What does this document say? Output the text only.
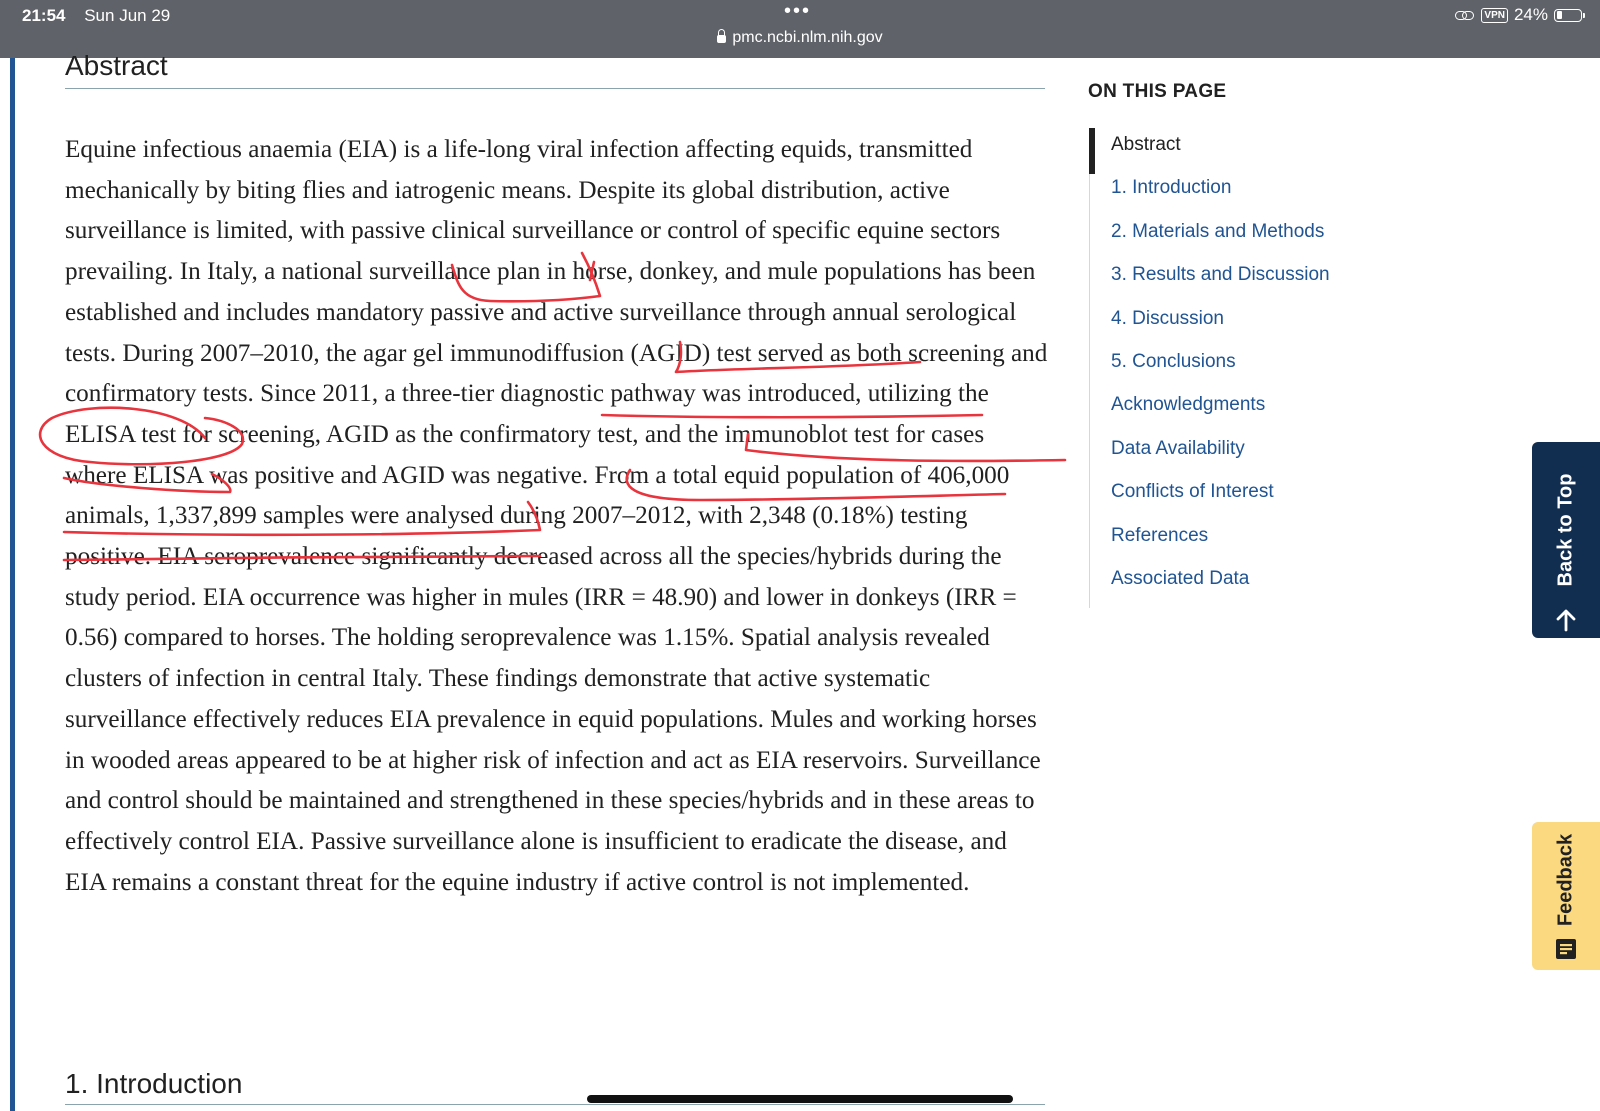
21:54 Sun Jun 29	•••
pmc.ncbi.nlm.nih.gov
VPN 24%
Abstract

Equine infectious anaemia (EIA) is a life-long viral infection affecting equids, transmitted mechanically by biting flies and iatrogenic means. Despite its global distribution, active surveillance is limited, with passive clinical surveillance or control of specific equine sectors prevailing. In Italy, a national surveillance plan in horse, donkey, and mule populations has been established and includes mandatory passive and active surveillance through annual serological tests. During 2007–2010, the agar gel immunodiffusion (AGID) test served as both screening and confirmatory tests. Since 2011, a three-tier diagnostic pathway was introduced, utilizing the ELISA test for screening, AGID as the confirmatory test, and the immunoblot test for cases where ELISA was positive and AGID was negative. From a total equid population of 406,000 animals, 1,337,899 samples were analysed during 2007–2012, with 2,348 (0.18%) testing positive. EIA seroprevalence significantly decreased across all the species/hybrids during the study period. EIA occurrence was higher in mules (IRR = 48.90) and lower in donkeys (IRR = 0.56) compared to horses. The holding seroprevalence was 1.15%. Spatial analysis revealed clusters of infection in central Italy. These findings demonstrate that active systematic surveillance effectively reduces EIA prevalence in equid populations. Mules and working horses in wooded areas appeared to be at higher risk of infection and act as EIA reservoirs. Surveillance and control should be maintained and strengthened in these species/hybrids and in these areas to effectively control EIA. Passive surveillance alone is insufficient to eradicate the disease, and EIA remains a constant threat for the equine industry if active control is not implemented.

1. Introduction
ON THIS PAGE
Abstract
1. Introduction
2. Materials and Methods
3. Results and Discussion
4. Discussion
5. Conclusions
Acknowledgments
Data Availability
Conflicts of Interest
References
Associated Data	Back to Top
Feedback
